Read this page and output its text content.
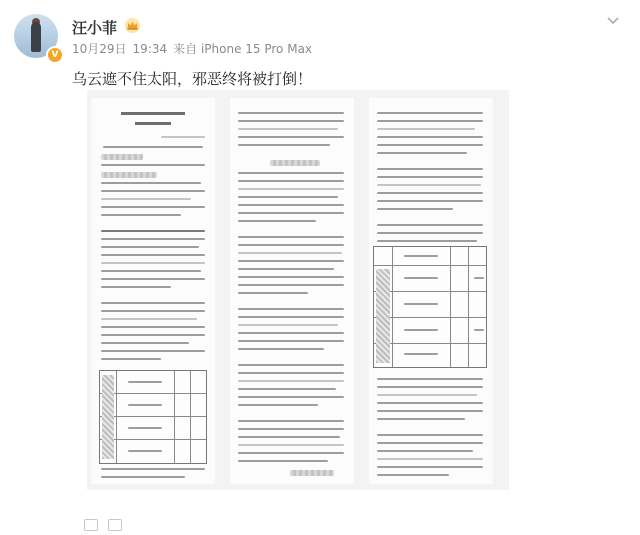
V
汪小菲
10月29日 19:34 来自 iPhone 15 Pro Max
乌云遮不住太阳，邪恶终将被打倒！
